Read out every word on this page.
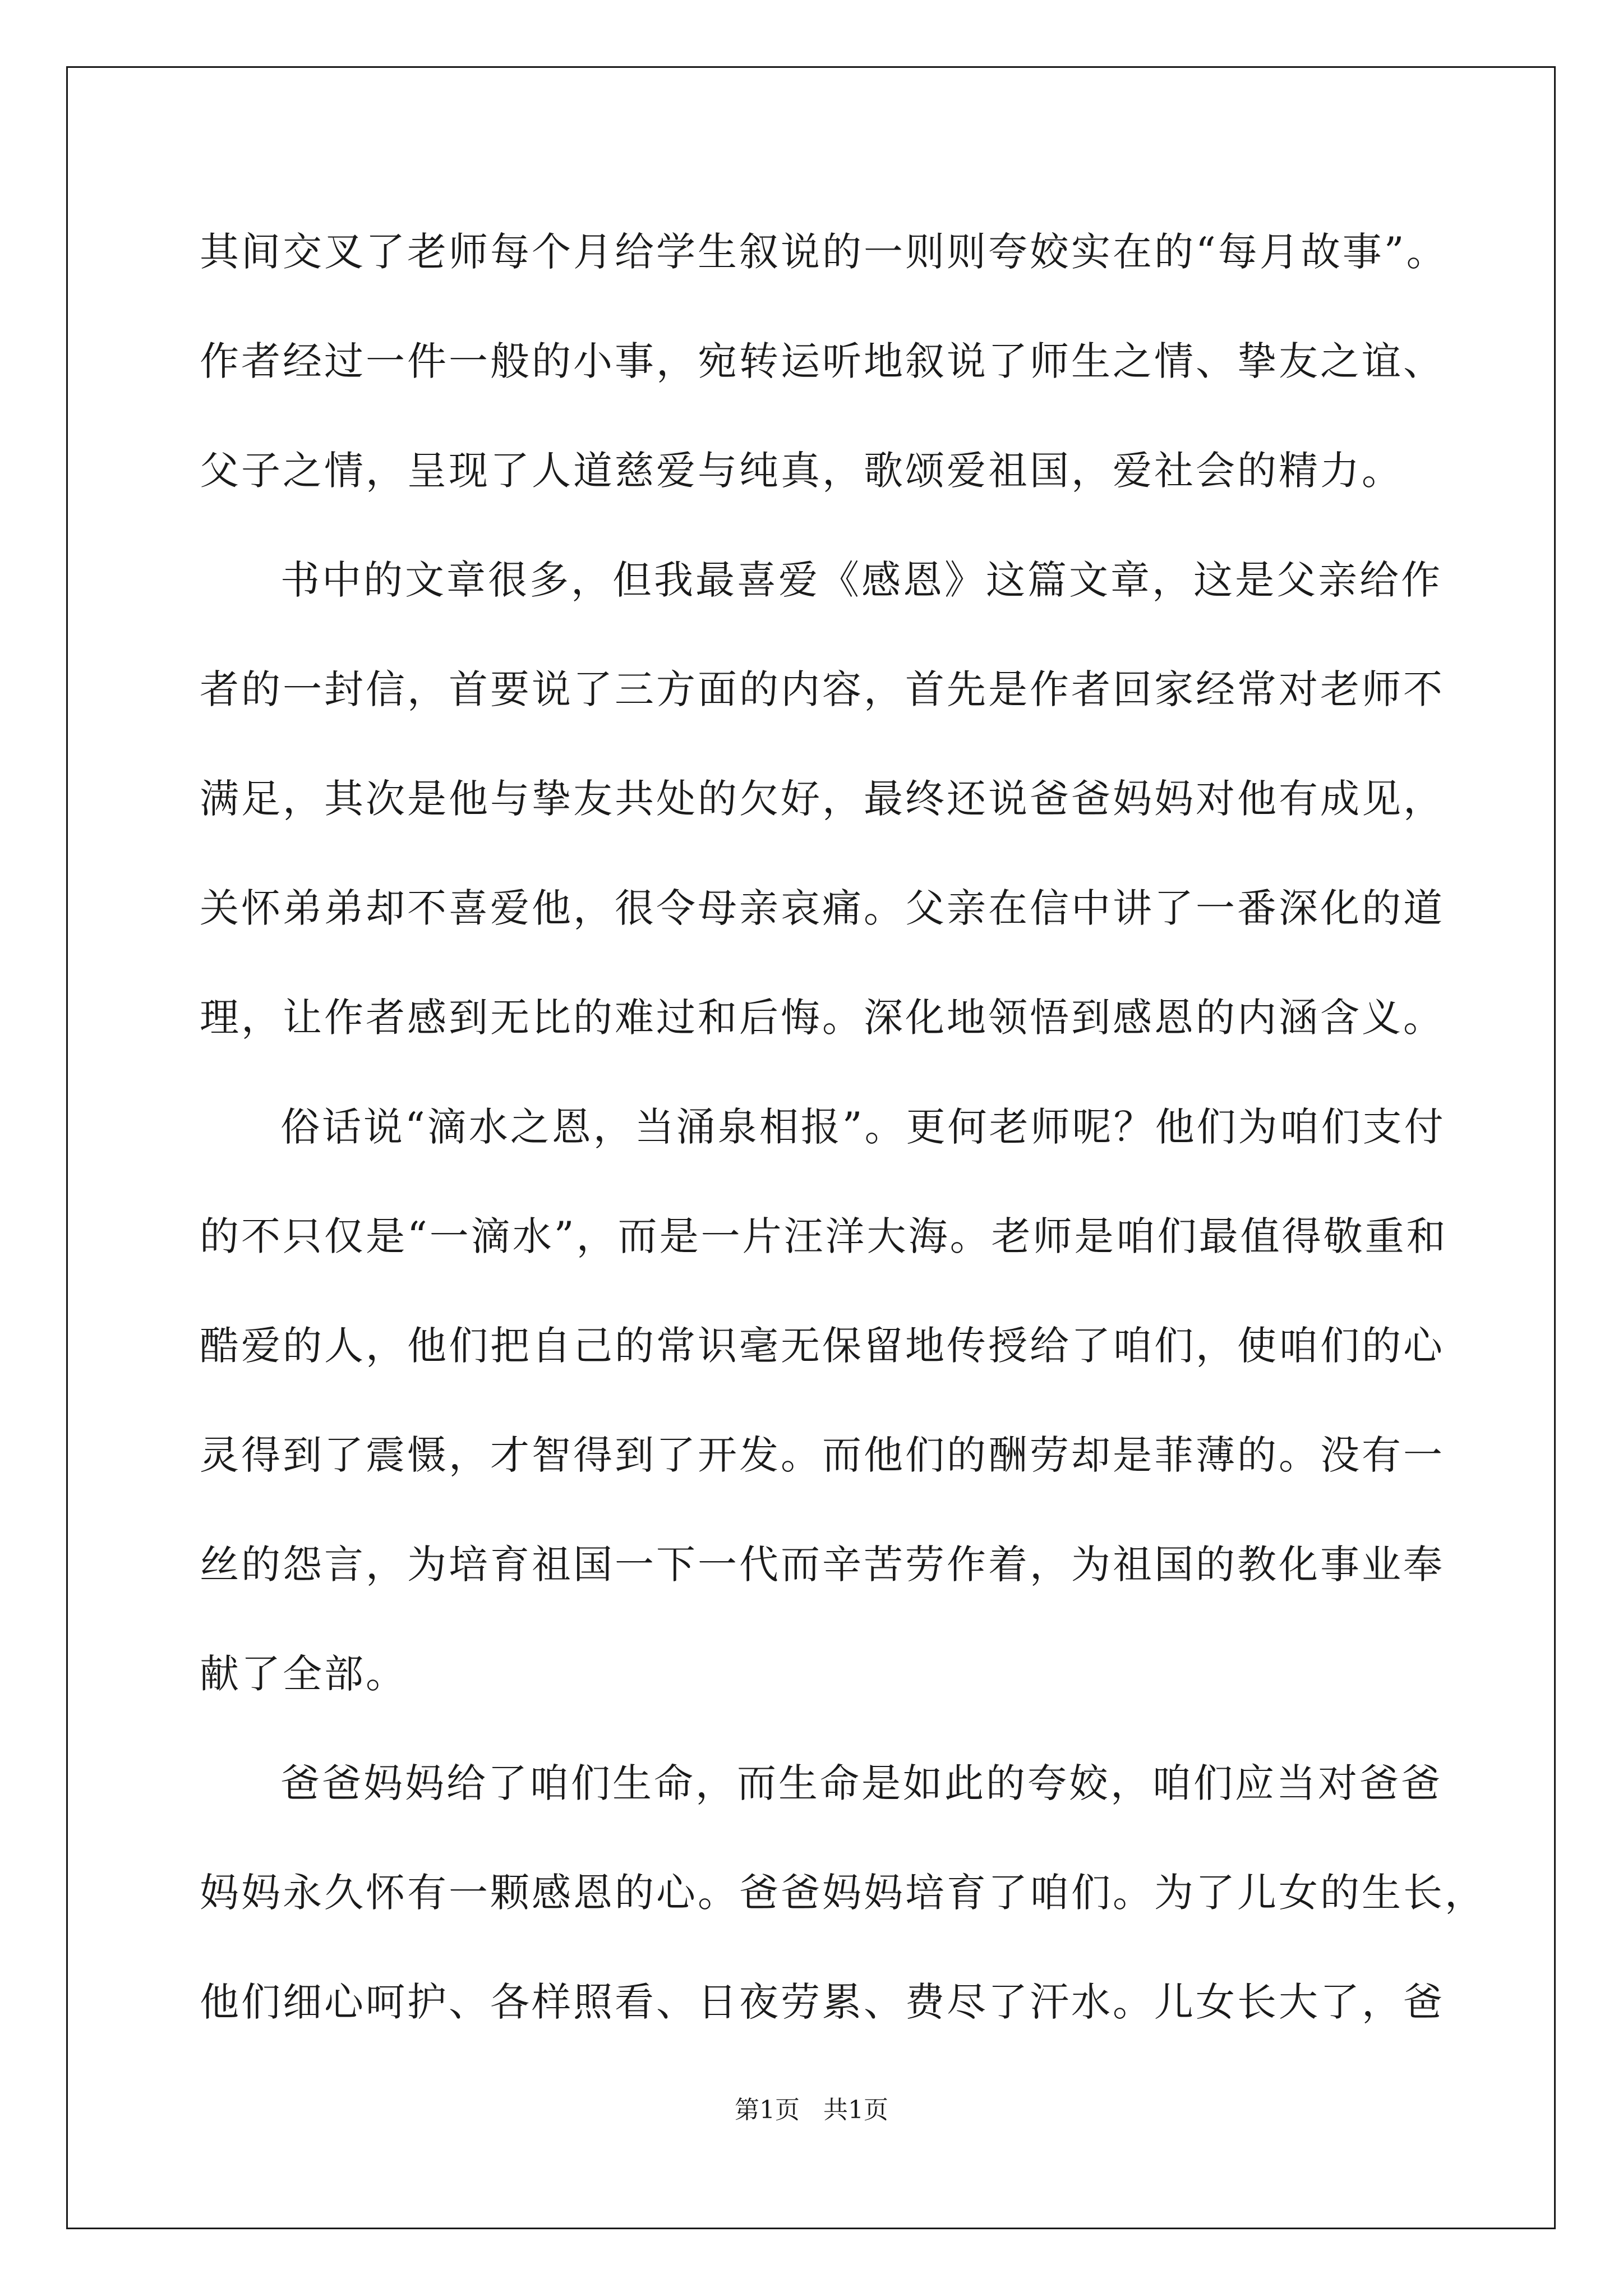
其间交叉了老师每个月给学生叙说的一则则夸姣实在的“每月故事”。
作者经过一件一般的小事，宛转运听地叙说了师生之情、挚友之谊、
父子之情，呈现了人道慈爱与纯真，歌颂爱祖国，爱社会的精力。
书中的文章很多，但我最喜爱《感恩》这篇文章，这是父亲给作
者的一封信，首要说了三方面的内容，首先是作者回家经常对老师不
满足，其次是他与挚友共处的欠好，最终还说爸爸妈妈对他有成见，
关怀弟弟却不喜爱他，很令母亲哀痛。父亲在信中讲了一番深化的道
理，让作者感到无比的难过和后悔。深化地领悟到感恩的内涵含义。
俗话说“滴水之恩，当涌泉相报”。更何老师呢？他们为咱们支付
的不只仅是“一滴水”，而是一片汪洋大海。老师是咱们最值得敬重和
酷爱的人，他们把自己的常识毫无保留地传授给了咱们，使咱们的心
灵得到了震慑，才智得到了开发。而他们的酬劳却是菲薄的。没有一
丝的怨言，为培育祖国一下一代而辛苦劳作着，为祖国的教化事业奉
献了全部。
爸爸妈妈给了咱们生命，而生命是如此的夸姣，咱们应当对爸爸
妈妈永久怀有一颗感恩的心。爸爸妈妈培育了咱们。为了儿女的生长，
他们细心呵护、各样照看、日夜劳累、费尽了汗水。儿女长大了，爸
第1页   共1页
